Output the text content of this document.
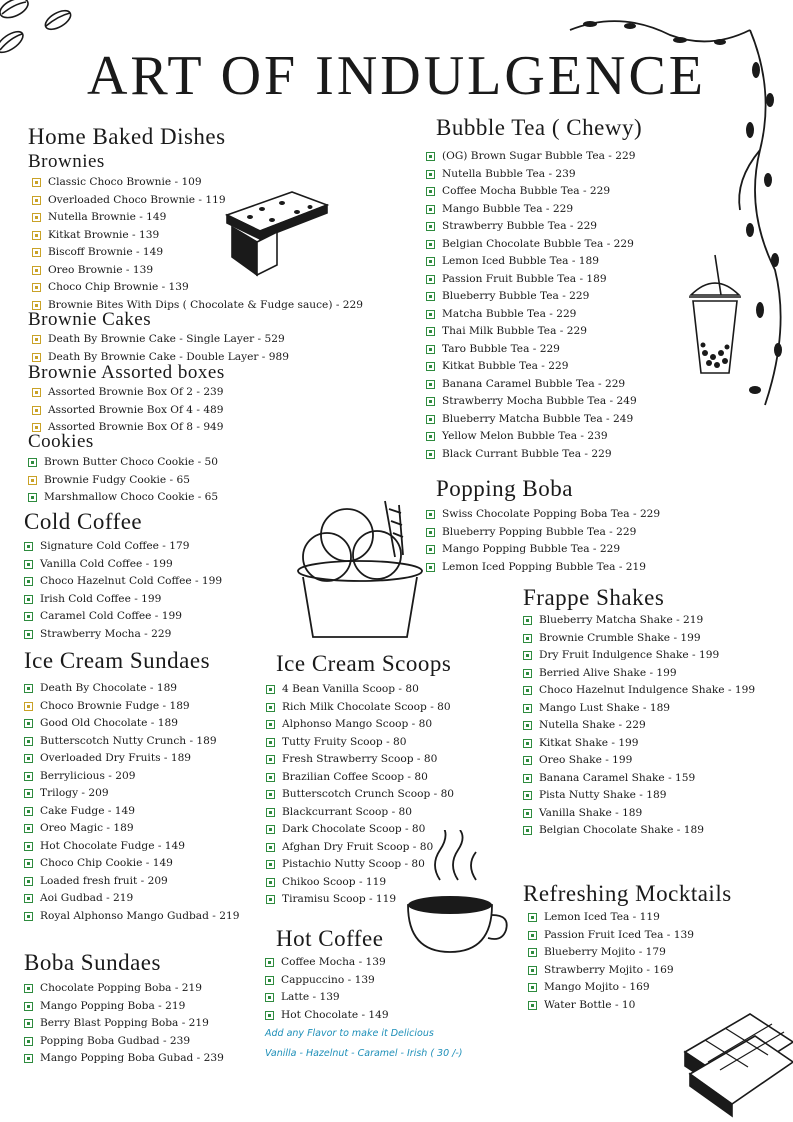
ART OF INDULGENCE
Home Baked Dishes
Brownies
Classic Choco Brownie - 109
Overloaded Choco Brownie - 119
Nutella Brownie - 149
Kitkat Brownie - 139
Biscoff Brownie - 149
Oreo Brownie - 139
Choco Chip Brownie - 139
Brownie Bites With Dips ( Chocolate & Fudge sauce) - 229
Brownie Cakes
Death By Brownie Cake - Single Layer - 529
Death By Brownie Cake - Double Layer - 989
Brownie Assorted boxes
Assorted Brownie Box Of 2 - 239
Assorted Brownie Box Of 4 - 489
Assorted Brownie Box Of 8 - 949
Cookies
Brown Butter Choco Cookie - 50
Brownie Fudgy Cookie - 65
Marshmallow Choco Cookie - 65
Cold Coffee
Signature Cold Coffee - 179
Vanilla Cold Coffee - 199
Choco Hazelnut Cold Coffee - 199
Irish Cold Coffee - 199
Caramel Cold Coffee - 199
Strawberry Mocha - 229
Ice Cream Sundaes
Death By Chocolate - 189
Choco Brownie Fudge - 189
Good Old Chocolate - 189
Butterscotch Nutty Crunch - 189
Overloaded Dry Fruits - 189
Berrylicious - 209
Trilogy - 209
Cake Fudge - 149
Oreo Magic - 189
Hot Chocolate Fudge - 149
Choco Chip Cookie - 149
Loaded fresh fruit - 209
Aoi Gudbad - 219
Royal Alphonso Mango Gudbad - 219
Boba Sundaes
Chocolate Popping Boba - 219
Mango Popping Boba - 219
Berry Blast Popping Boba - 219
Popping Boba Gudbad - 239
Mango Popping Boba Gubad - 239
Ice Cream Scoops
4 Bean Vanilla Scoop - 80
Rich Milk Chocolate Scoop - 80
Alphonso Mango Scoop - 80
Tutty Fruity Scoop - 80
Fresh Strawberry Scoop - 80
Brazilian Coffee Scoop - 80
Butterscotch Crunch Scoop - 80
Blackcurrant Scoop - 80
Dark Chocolate Scoop - 80
Afghan Dry Fruit Scoop - 80
Pistachio Nutty Scoop - 80
Chikoo Scoop - 119
Tiramisu Scoop - 119
Hot Coffee
Coffee Mocha - 139
Cappuccino - 139
Latte - 139
Hot Chocolate - 149
Add any Flavor to make it Delicious
Vanilla - Hazelnut - Caramel - Irish ( 30 /-)
Bubble Tea ( Chewy)
(OG) Brown Sugar Bubble Tea - 229
Nutella Bubble Tea - 239
Coffee Mocha Bubble Tea - 229
Mango Bubble Tea - 229
Strawberry Bubble Tea - 229
Belgian Chocolate Bubble Tea - 229
Lemon Iced Bubble Tea - 189
Passion Fruit Bubble Tea - 189
Blueberry Bubble Tea - 229
Matcha Bubble Tea - 229
Thai Milk Bubble Tea - 229
Taro Bubble Tea - 229
Kitkat Bubble Tea - 229
Banana Caramel Bubble Tea - 229
Strawberry Mocha Bubble Tea - 249
Blueberry Matcha Bubble Tea - 249
Yellow Melon Bubble Tea - 239
Black Currant Bubble Tea - 229
Popping Boba
Swiss Chocolate Popping Boba Tea - 229
Blueberry Popping Bubble Tea - 229
Mango Popping Bubble Tea - 229
Lemon Iced Popping Bubble Tea - 219
Frappe Shakes
Blueberry Matcha Shake - 219
Brownie Crumble Shake - 199
Dry Fruit Indulgence Shake - 199
Berried Alive Shake - 199
Choco Hazelnut Indulgence Shake - 199
Mango Lust Shake - 189
Nutella Shake - 229
Kitkat Shake - 199
Oreo Shake - 199
Banana Caramel Shake - 159
Pista Nutty Shake - 189
Vanilla Shake - 189
Belgian Chocolate Shake - 189
Refreshing Mocktails
Lemon Iced Tea - 119
Passion Fruit Iced Tea - 139
Blueberry Mojito - 179
Strawberry Mojito - 169
Mango Mojito - 169
Water Bottle - 10
